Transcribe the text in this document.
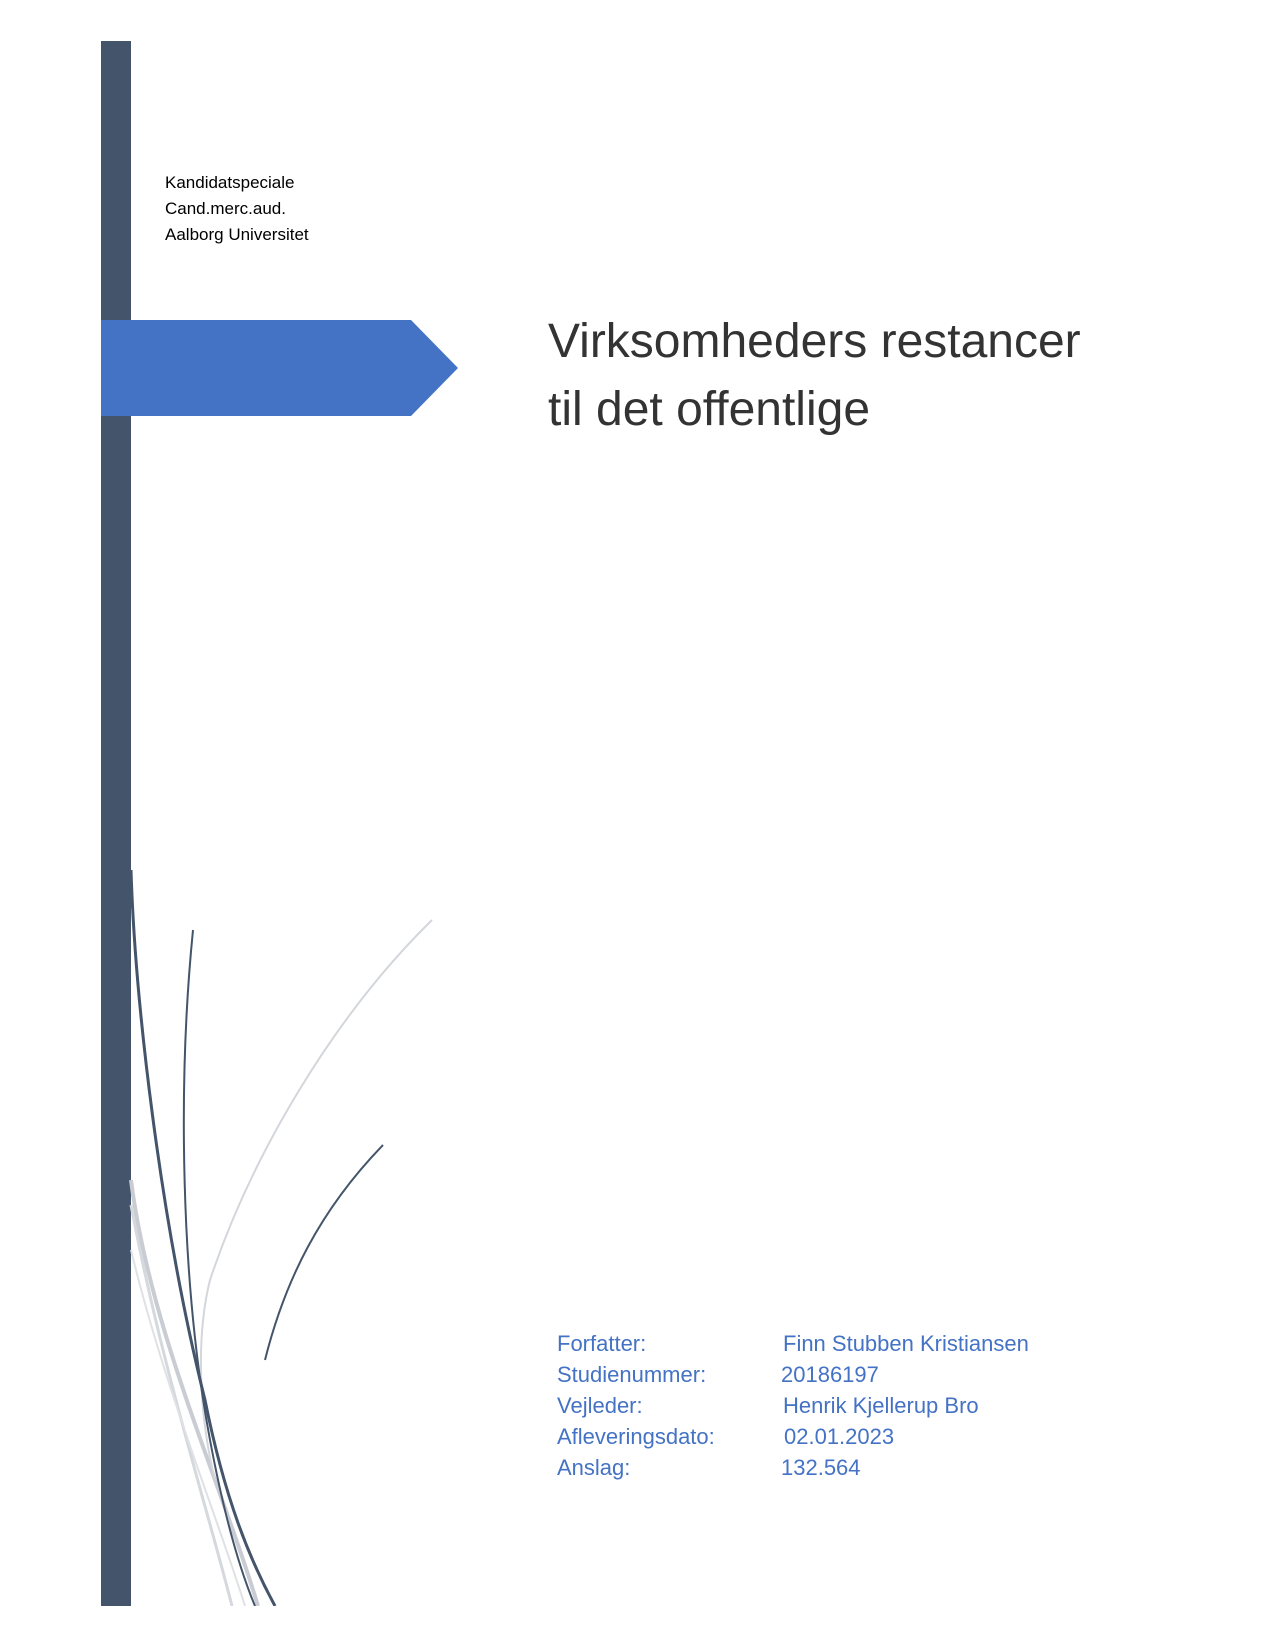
Kandidatspeciale
Cand.merc.aud.
Aalborg Universitet
Virksomheders restancer
til det offentlige
Forfatter:	Finn Stubben Kristiansen
Studienummer:	20186197
Vejleder:	Henrik Kjellerup Bro
Afleveringsdato:	02.01.2023
Anslag:	132.564
